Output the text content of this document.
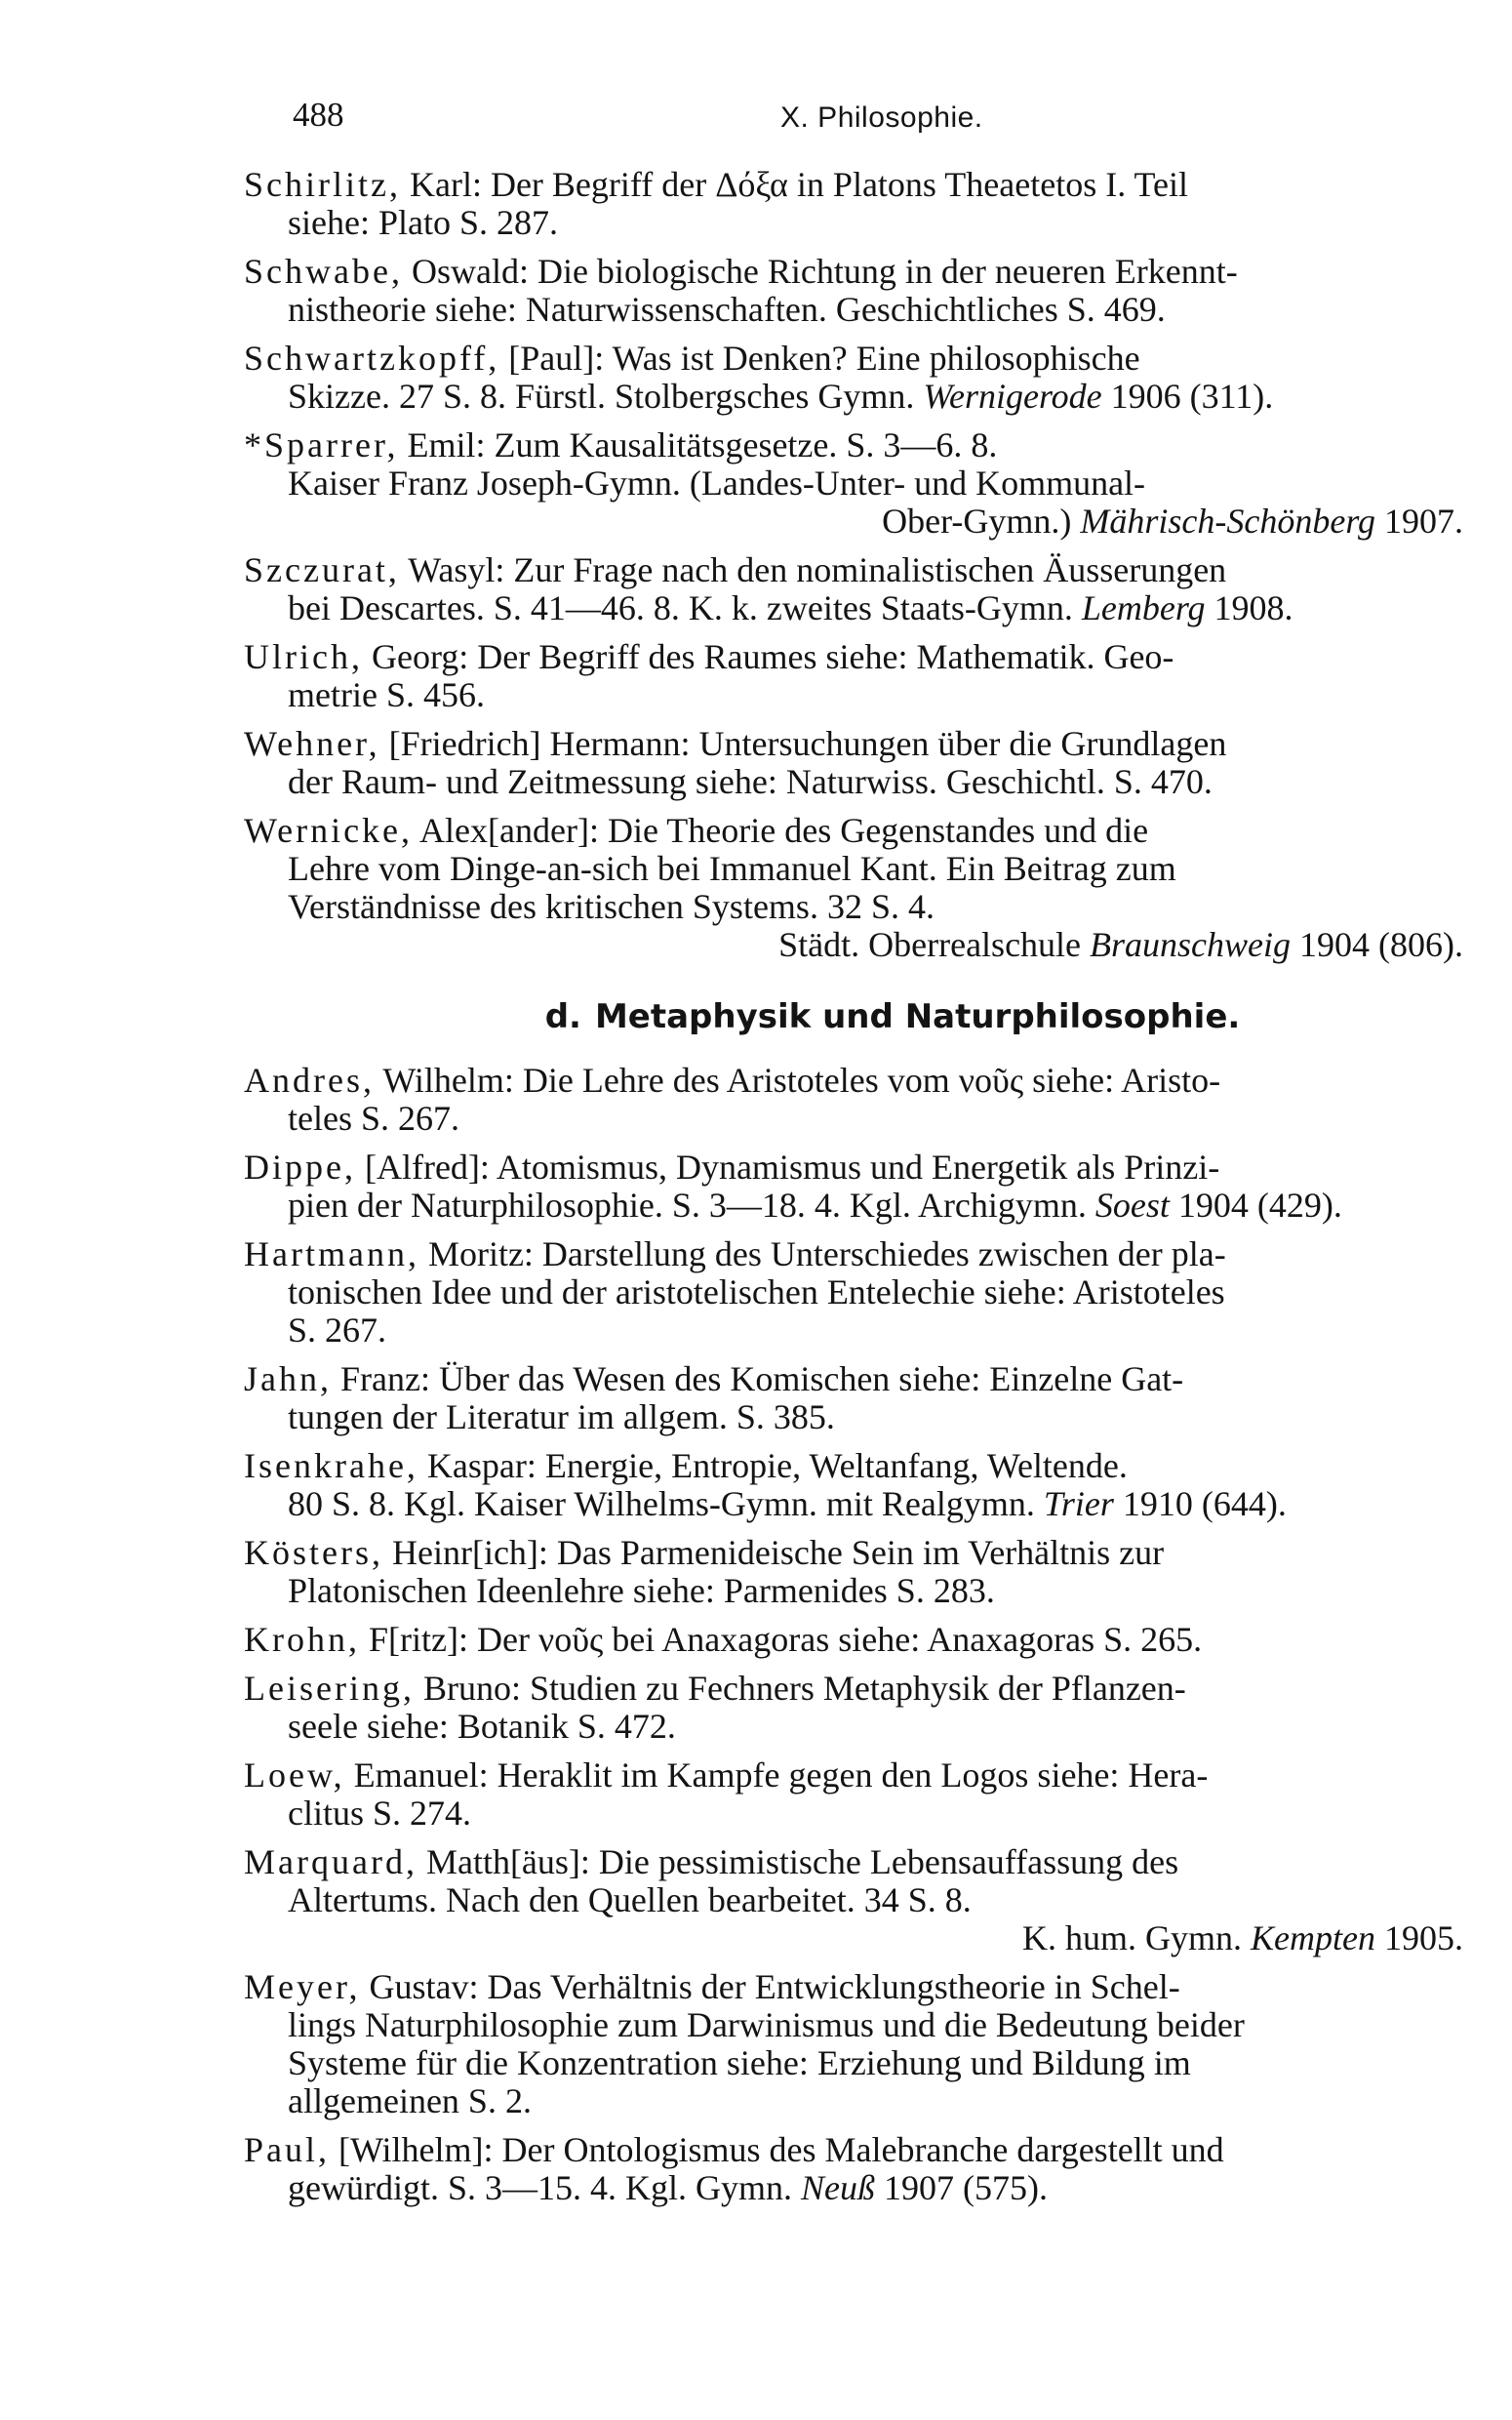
488	X. Philosophie.
Schirlitz, Karl: Der Begriff der Δόξα in Platons Theaetetos I. Teil
siehe: Plato S. 287.
Schwabe, Oswald: Die biologische Richtung in der neueren Erkennt-
nistheorie siehe: Naturwissenschaften. Geschichtliches S. 469.
Schwartzkopff, [Paul]: Was ist Denken? Eine philosophische
Skizze. 27 S. 8. Fürstl. Stolbergsches Gymn. Wernigerode 1906 (311).
*Sparrer, Emil: Zum Kausalitätsgesetze. S. 3—6. 8.
Kaiser Franz Joseph-Gymn. (Landes-Unter- und Kommunal-
Ober-Gymn.) Mährisch-Schönberg 1907.
Szczurat, Wasyl: Zur Frage nach den nominalistischen Äusserungen
bei Descartes. S. 41—46. 8. K. k. zweites Staats-Gymn. Lemberg 1908.
Ulrich, Georg: Der Begriff des Raumes siehe: Mathematik. Geo-
metrie S. 456.
Wehner, [Friedrich] Hermann: Untersuchungen über die Grundlagen
der Raum- und Zeitmessung siehe: Naturwiss. Geschichtl. S. 470.
Wernicke, Alex[ander]: Die Theorie des Gegenstandes und die
Lehre vom Dinge-an-sich bei Immanuel Kant. Ein Beitrag zum
Verständnisse des kritischen Systems. 32 S. 4.
Städt. Oberrealschule Braunschweig 1904 (806).
d. Metaphysik und Naturphilosophie.
Andres, Wilhelm: Die Lehre des Aristoteles vom νοῦς siehe: Aristo-
teles S. 267.
Dippe, [Alfred]: Atomismus, Dynamismus und Energetik als Prinzi-
pien der Naturphilosophie. S. 3—18. 4. Kgl. Archigymn. Soest 1904 (429).
Hartmann, Moritz: Darstellung des Unterschiedes zwischen der pla-
tonischen Idee und der aristotelischen Entelechie siehe: Aristoteles
S. 267.
Jahn, Franz: Über das Wesen des Komischen siehe: Einzelne Gat-
tungen der Literatur im allgem. S. 385.
Isenkrahe, Kaspar: Energie, Entropie, Weltanfang, Weltende.
80 S. 8. Kgl. Kaiser Wilhelms-Gymn. mit Realgymn. Trier 1910 (644).
Kösters, Heinr[ich]: Das Parmenideische Sein im Verhältnis zur
Platonischen Ideenlehre siehe: Parmenides S. 283.
Krohn, F[ritz]: Der νοῦς bei Anaxagoras siehe: Anaxagoras S. 265.
Leisering, Bruno: Studien zu Fechners Metaphysik der Pflanzen-
seele siehe: Botanik S. 472.
Loew, Emanuel: Heraklit im Kampfe gegen den Logos siehe: Hera-
clitus S. 274.
Marquard, Matth[äus]: Die pessimistische Lebensauffassung des
Altertums. Nach den Quellen bearbeitet. 34 S. 8.
K. hum. Gymn. Kempten 1905.
Meyer, Gustav: Das Verhältnis der Entwicklungstheorie in Schel-
lings Naturphilosophie zum Darwinismus und die Bedeutung beider
Systeme für die Konzentration siehe: Erziehung und Bildung im
allgemeinen S. 2.
Paul, [Wilhelm]: Der Ontologismus des Malebranche dargestellt und
gewürdigt. S. 3—15. 4. Kgl. Gymn. Neuß 1907 (575).
